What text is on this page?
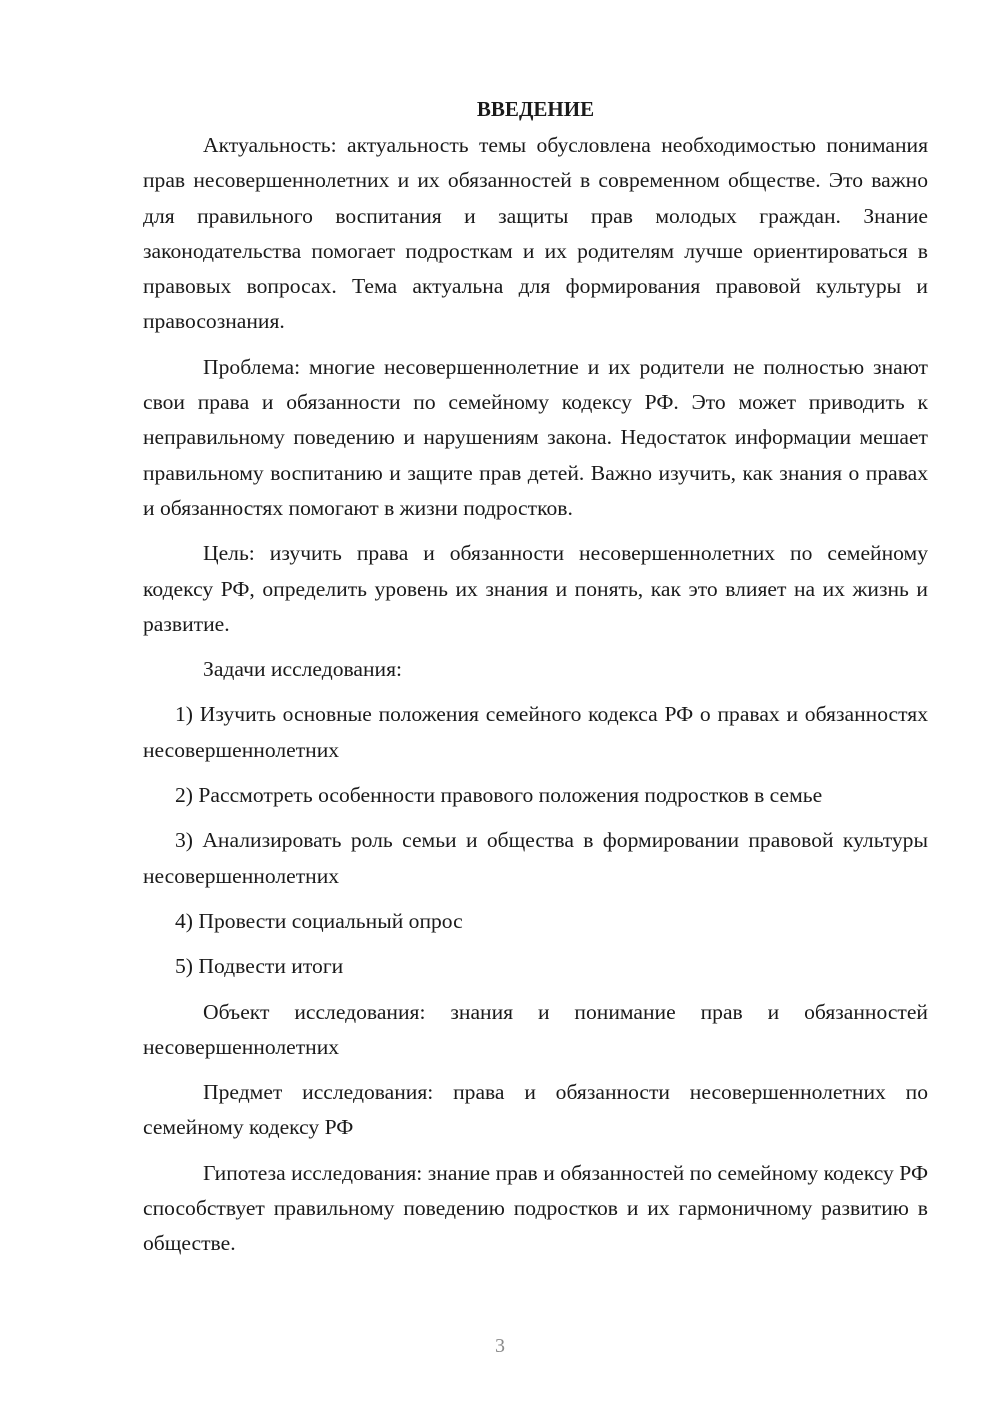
ВВЕДЕНИЕ

Актуальность: актуальность темы обусловлена необходимостью понимания прав несовершеннолетних и их обязанностей в современном обществе. Это важно для правильного воспитания и защиты прав молодых граждан. Знание законодательства помогает подросткам и их родителям лучше ориентироваться в правовых вопросах. Тема актуальна для формирования правовой культуры и правосознания.

Проблема: многие несовершеннолетние и их родители не полностью знают свои права и обязанности по семейному кодексу РФ. Это может приводить к неправильному поведению и нарушениям закона. Недостаток информации мешает правильному воспитанию и защите прав детей. Важно изучить, как знания о правах и обязанностях помогают в жизни подростков.

Цель: изучить права и обязанности несовершеннолетних по семейному кодексу РФ, определить уровень их знания и понять, как это влияет на их жизнь и развитие.

Задачи исследования:

1) Изучить основные положения семейного кодекса РФ о правах и обязанностях несовершеннолетних

2) Рассмотреть особенности правового положения подростков в семье

3) Анализировать роль семьи и общества в формировании правовой культуры несовершеннолетних

4) Провести социальный опрос

5) Подвести итоги

Объект исследования: знания и понимание прав и обязанностей несовершеннолетних

Предмет исследования: права и обязанности несовершеннолетних по семейному кодексу РФ

Гипотеза исследования: знание прав и обязанностей по семейному кодексу РФ способствует правильному поведению подростков и их гармоничному развитию в обществе.

3
